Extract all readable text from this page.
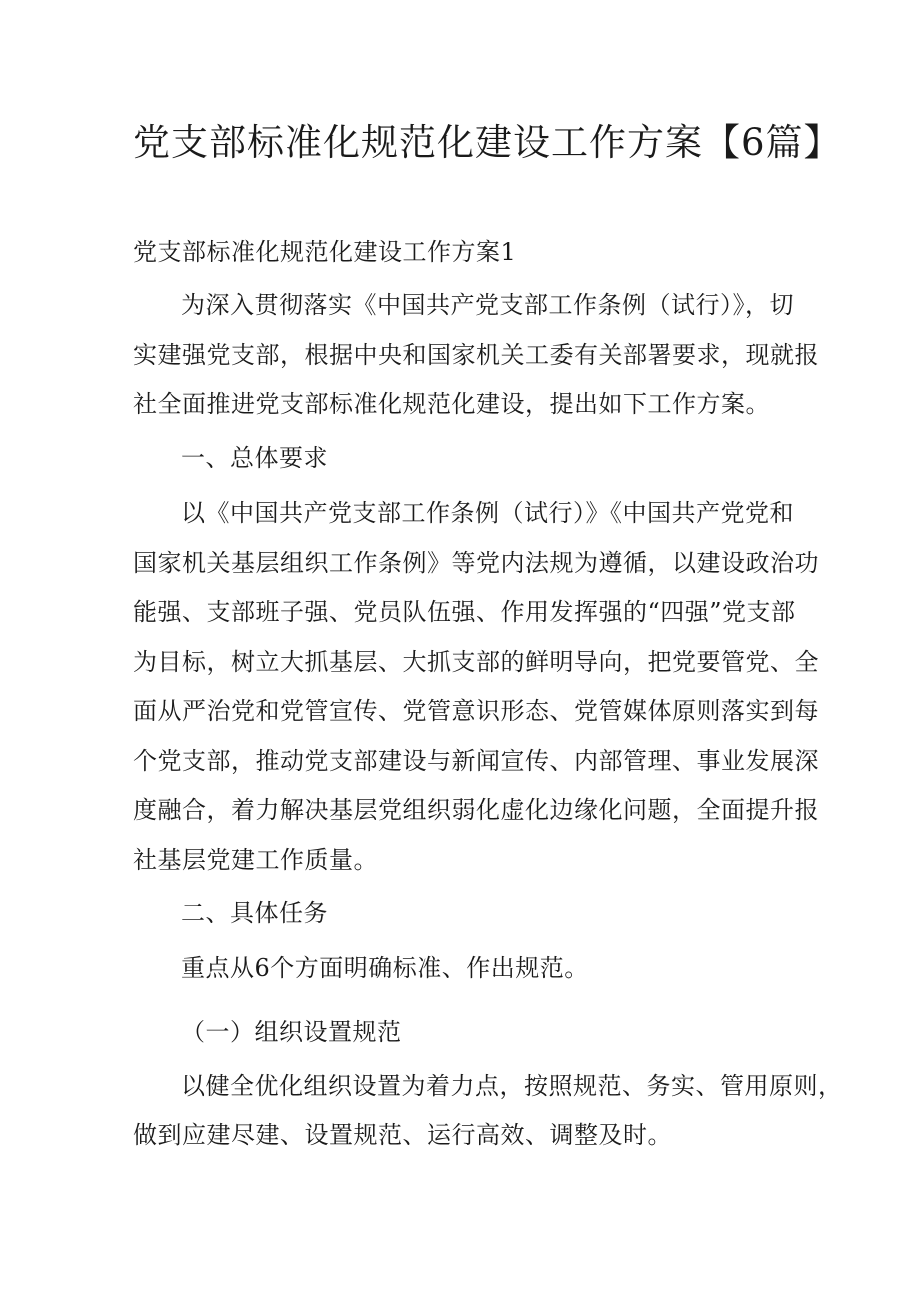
党支部标准化规范化建设工作方案【6篇】

党支部标准化规范化建设工作方案1

为深入贯彻落实《中国共产党支部工作条例（试行）》，切

实建强党支部，根据中央和国家机关工委有关部署要求，现就报

社全面推进党支部标准化规范化建设，提出如下工作方案。

一、总体要求

以《中国共产党支部工作条例（试行）》《中国共产党党和

国家机关基层组织工作条例》等党内法规为遵循，以建设政治功

能强、支部班子强、党员队伍强、作用发挥强的“四强”党支部

为目标，树立大抓基层、大抓支部的鲜明导向，把党要管党、全

面从严治党和党管宣传、党管意识形态、党管媒体原则落实到每

个党支部，推动党支部建设与新闻宣传、内部管理、事业发展深

度融合，着力解决基层党组织弱化虚化边缘化问题，全面提升报

社基层党建工作质量。

二、具体任务

重点从6个方面明确标准、作出规范。

（一）组织设置规范

以健全优化组织设置为着力点，按照规范、务实、管用原则，

做到应建尽建、设置规范、运行高效、调整及时。
